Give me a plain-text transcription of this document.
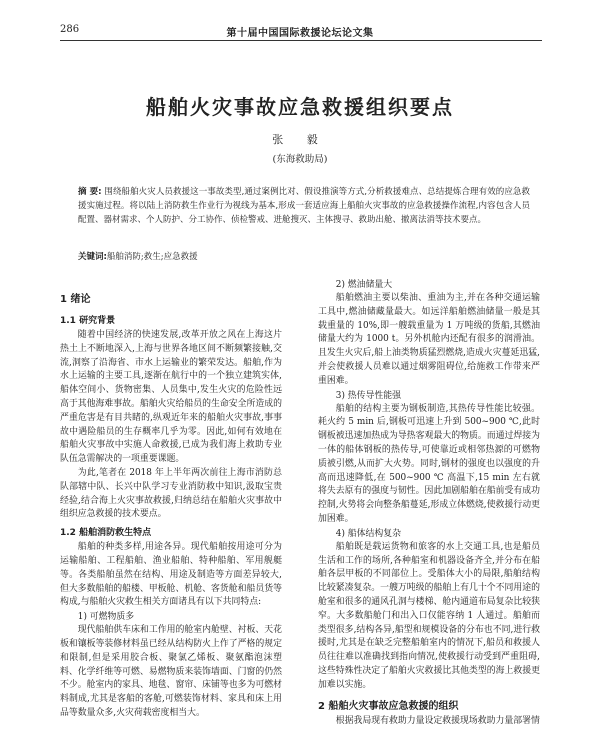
286	第十届中国国际救援论坛论文集
船舶火灾事故应急救援组织要点
张 毅
(东海救助局)
摘 要: 围绕船舶火灾人员救援这一事故类型,通过案例比对、假设推演等方式,分析救援难点、总结提炼合理有效的应急救援实施过程。将以陆上消防救生作业行为视线为基本,形成一套适应海上船舶火灾事故的应急救援操作流程,内容包含人员配置、器材需求、个人防护、分工协作、侦检警戒、进舱搜灭、主体搜寻、救助出舱、撤离法消等技术要点。
关键词:船舶消防;救生;应急救援

1 绪论

1.1 研究背景

随着中国经济的快速发展,改革开放之风在上海这片热土上不断地深入,上海与世界各地区间不断频繁接触,交流,洞察了沿海省、市水上运输业的繁荣发达。船舶,作为水上运输的主要工具,逐渐在航行中的一个独立建筑实体,船体空间小、货物密集、人员集中,发生火灾的危险性远高于其他海难事故。船舶火灾给船员的生命安全所造成的严重危害是有目共睹的,纵观近年来的船舶火灾事故,事事故中遇险船员的生存概率几乎为零。因此,如何有效地在船舶火灾事故中实施人命救援,已成为我们海上救助专业队伍急需解决的一项重要课题。

为此,笔者在 2018 年上半年两次前往上海市消防总队部辖中队、长兴中队学习专业消防救中知识,汲取宝贵经验,结合海上火灾事故救援,归纳总结在船舶火灾事故中组织应急救援的技术要点。

1.2 船舶消防救生特点

船舶的种类多样,用途各异。现代船舶按用途可分为运输船舶、工程船舶、渔业船舶、特种船舶、军用舰艇等。各类船舶虽然在结构、用途及制造等方面差异较大,但大多数船舶的船楼、甲板舱、机舱、客货舱和船员货等构成,与船舶火灾救生相关方面诸具有以下共同特点:

1) 可燃物质多

现代船舶供车床和工作用的舱室内舱壁、衬板、天花板和镶板等装修材料虽已经从结构防火上作了严格的规定和限制,但是采用胶合板、聚氯乙烯板、聚氨酯泡沫塑料、化学纤维等可燃、易燃物质来装饰墙面、门窗的仍然不少。舱室内的家具、地毯、窗帘、床铺等也多为可燃材料制成,尤其是客船的客舱,可燃装饰材料、家具和床上用品等数量众多,火灾荷载密度相当大。

2) 燃油储量大

船舶燃油主要以柴油、重油为主,并在各种交通运输工具中,燃油储藏量最大。如远洋船舶燃油储量一般是其载重量的 10%,即一艘载重量为 1 万吨级的货船,其燃油储量大约为 1000 t。另外机舱内还配有很多的润滑油。且发生火灾后,船上油类物质猛烈燃烧,造成火灾蔓延迅猛,并会使救援人员难以通过烟雾阻碍位,给施救工作带来严重困难。

3) 热传导性能强

船舶的结构主要为钢板制造,其热传导性能比较强。耗火约 5 min 后,钢板可迅速上升到 500~900 ℃,此时钢板被迅速加热成为导热客观最大的物质。而通过焊接为一体的船体钢板的热传导,可使靠近或相邻热源的可燃物质被引燃,从而扩大火势。同时,钢材的强度也以强度的升高而迅速降低,在 500~900 ℃ 高温下,15 min 左右就将失去原有的强度与韧性。因此加剧船舶在船前受有成功控制,火势将会向整条船蔓延,形成立体燃烧,使救援行动更加困难。

4) 船体结构复杂

船舶既是载运货物和旅客的水上交通工具,也是船员生活和工作的场所,各种船室和机器设备齐全,并分布在船舶各层甲板的不同部位上。受船体大小的局限,船舶结构比较紧凑复杂。一艘万吨级的船舶上有几十个不同用途的舱室和很多的通风孔洞与楼梯、舱内通道布局复杂比较狭窄。大多数船舱门和出入口仅能容纳 1 人通过。船舶而类型很多,结构各异,船型和规模设备的分布也不同,进行救援时,尤其是在缺乏完整船舶室内的情况下,船员和救援人员往往难以准确找到指向情况,使救援行动受到严重阻碍,这些特殊性决定了船舶火灾救援比其他类型的海上救援更加难以实施。

2 船舶火灾事故应急救援的组织

根据我局现有救助力量设定救援现场救助力量部署情
